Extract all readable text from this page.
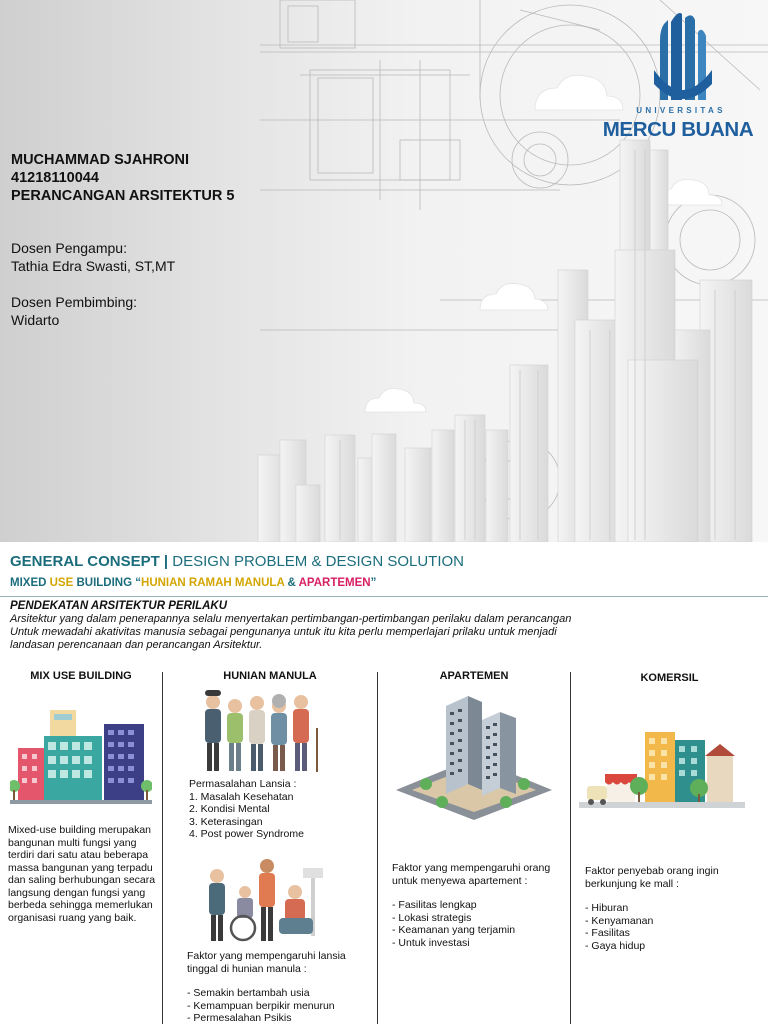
MUCHAMMAD SJAHRONI
41218110044
PERANCANGAN ARSITEKTUR 5
Dosen Pengampu:
Tathia Edra Swasti, ST,MT
Dosen Pembimbing:
Widarto
UNIVERSITAS
MERCU BUANA
GENERAL CONSEPT | DESIGN PROBLEM & DESIGN SOLUTION
MIXED USE BUILDING “HUNIAN RAMAH MANULA & APARTEMEN”
PENDEKATAN ARSITEKTUR PERILAKU
Arsitektur yang dalam penerapannya selalu menyertakan pertimbangan-pertimbangan perilaku dalam perancangan
Untuk mewadahi akativitas manusia sebagai pengunanya untuk itu kita perlu memperlajari prilaku untuk menjadi
landasan perencanaan dan perancangan Arsitektur.
MIX USE BUILDING
Mixed-use building merupakan
bangunan multi fungsi yang
terdiri dari satu atau beberapa
massa bangunan yang terpadu
dan saling berhubungan secara
langsung dengan fungsi yang
berbeda sehingga memerlukan
organisasi ruang yang baik.
HUNIAN MANULA
Permasalahan Lansia :
1. Masalah Kesehatan
2. Kondisi Mental
3. Keterasingan
4. Post power Syndrome
Faktor yang mempengaruhi lansia
tinggal di hunian manula :
- Semakin bertambah usia
- Kemampuan berpikir menurun
- Permesalahan Psikis
APARTEMEN
Faktor yang mempengaruhi orang
untuk menyewa apartement :
- Fasilitas lengkap
- Lokasi strategis
- Keamanan yang terjamin
- Untuk investasi
KOMERSIL
Faktor penyebab orang ingin
berkunjung ke mall :
- Hiburan
- Kenyamanan
- Fasilitas
- Gaya hidup
